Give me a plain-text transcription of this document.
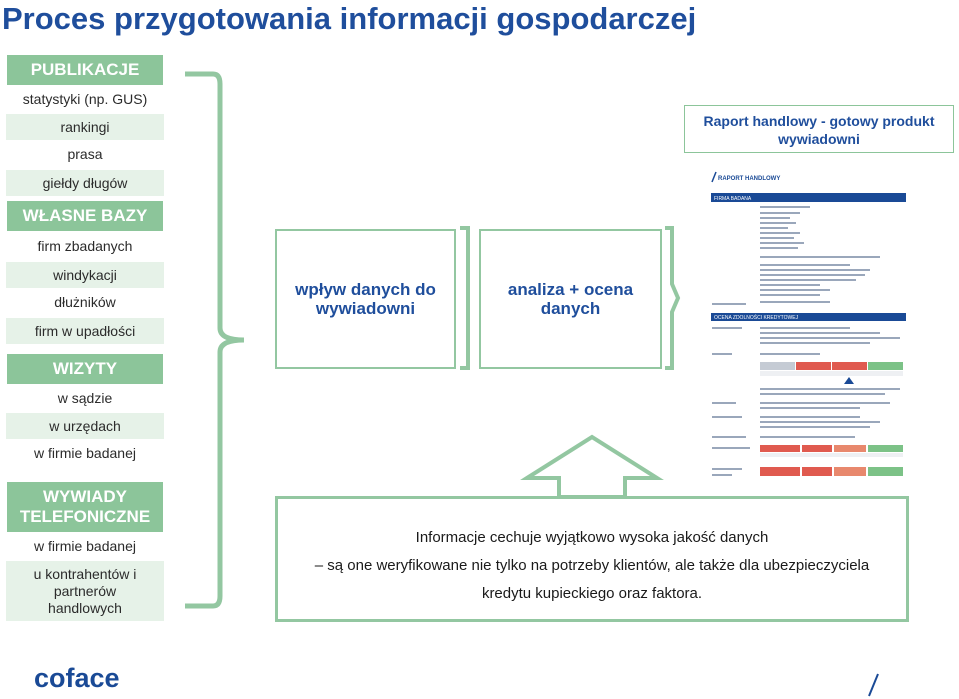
Proces przygotowania informacji gospodarczej
PUBLIKACJE
statystyki (np. GUS)
rankingi
prasa
giełdy długów
WŁASNE BAZY
firm zbadanych
windykacji
dłużników
firm w upadłości
WIZYTY
w sądzie
w urzędach
w firmie badanej
WYWIADY
TELEFONICZNE
w firmie badanej
u kontrahentów i
partnerów
handlowych
wpływ danych do
wywiadowni
analiza + ocena
danych
Raport handlowy - gotowy produkt
wywiadowni
RAPORT HANDLOWY
FIRMA BADANA
OCENA ZDOLNOŚCI KREDYTOWEJ
Informacje cechuje wyjątkowo wysoka jakość danych
– są one weryfikowane nie tylko na potrzeby klientów, ale także dla ubezpieczyciela
kredytu kupieckiego oraz faktora.
coface
